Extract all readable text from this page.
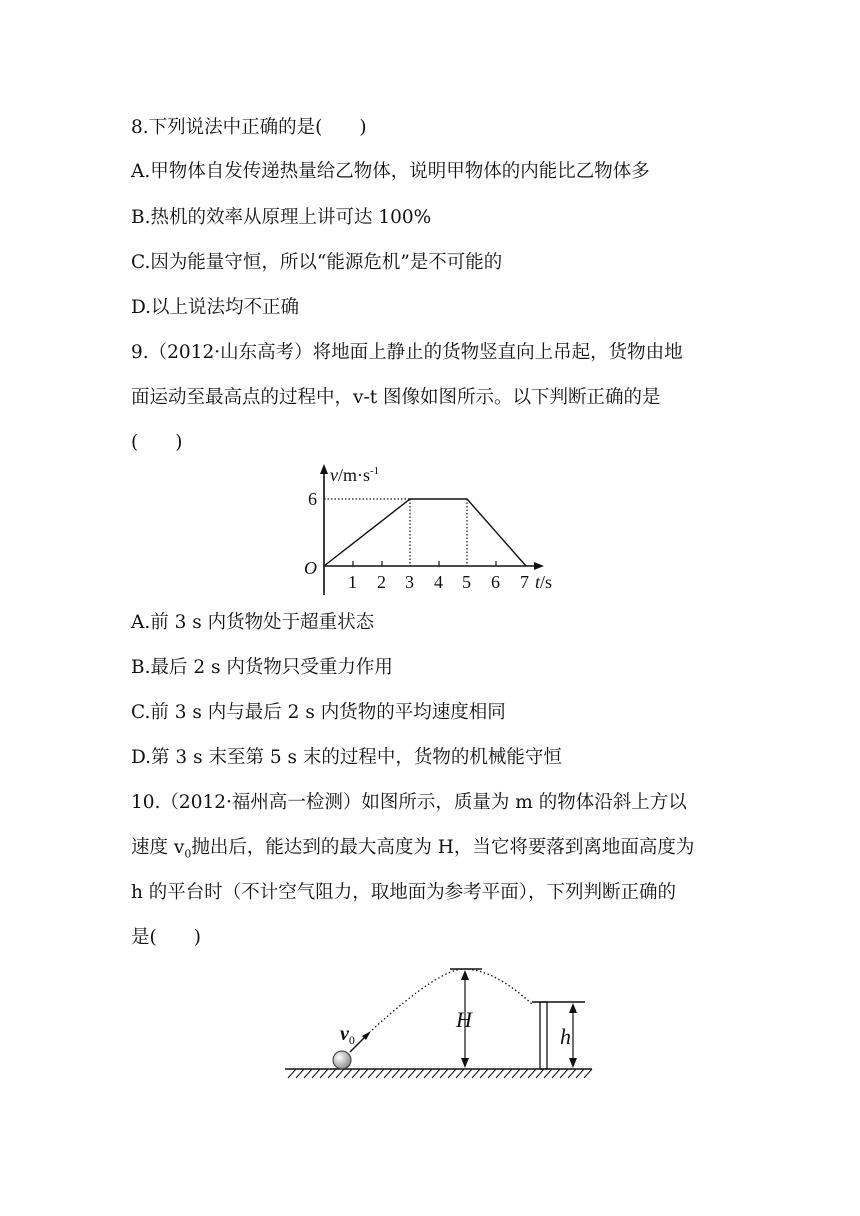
8.下列说法中正确的是(　　)
A.甲物体自发传递热量给乙物体，说明甲物体的内能比乙物体多
B.热机的效率从原理上讲可达 100%
C.因为能量守恒，所以“能源危机”是不可能的
D.以上说法均不正确
9.（2012·山东高考）将地面上静止的货物竖直向上吊起，货物由地
面运动至最高点的过程中，v-t 图像如图所示。以下判断正确的是
(　　)
$v/m\cdot s^{-1}$
6
O
1 2 3 4 5 6 7 t/s
A.前 3 s 内货物处于超重状态
B.最后 2 s 内货物只受重力作用
C.前 3 s 内与最后 2 s 内货物的平均速度相同
D.第 3 s 末至第 5 s 末的过程中，货物的机械能守恒
10.（2012·福州高一检测）如图所示，质量为 m 的物体沿斜上方以
速度 $v_0$抛出后，能达到的最大高度为 H，当它将要落到离地面高度为
h 的平台时（不计空气阻力，取地面为参考平面），下列判断正确的
是(　　)
$v_0$
H
h
